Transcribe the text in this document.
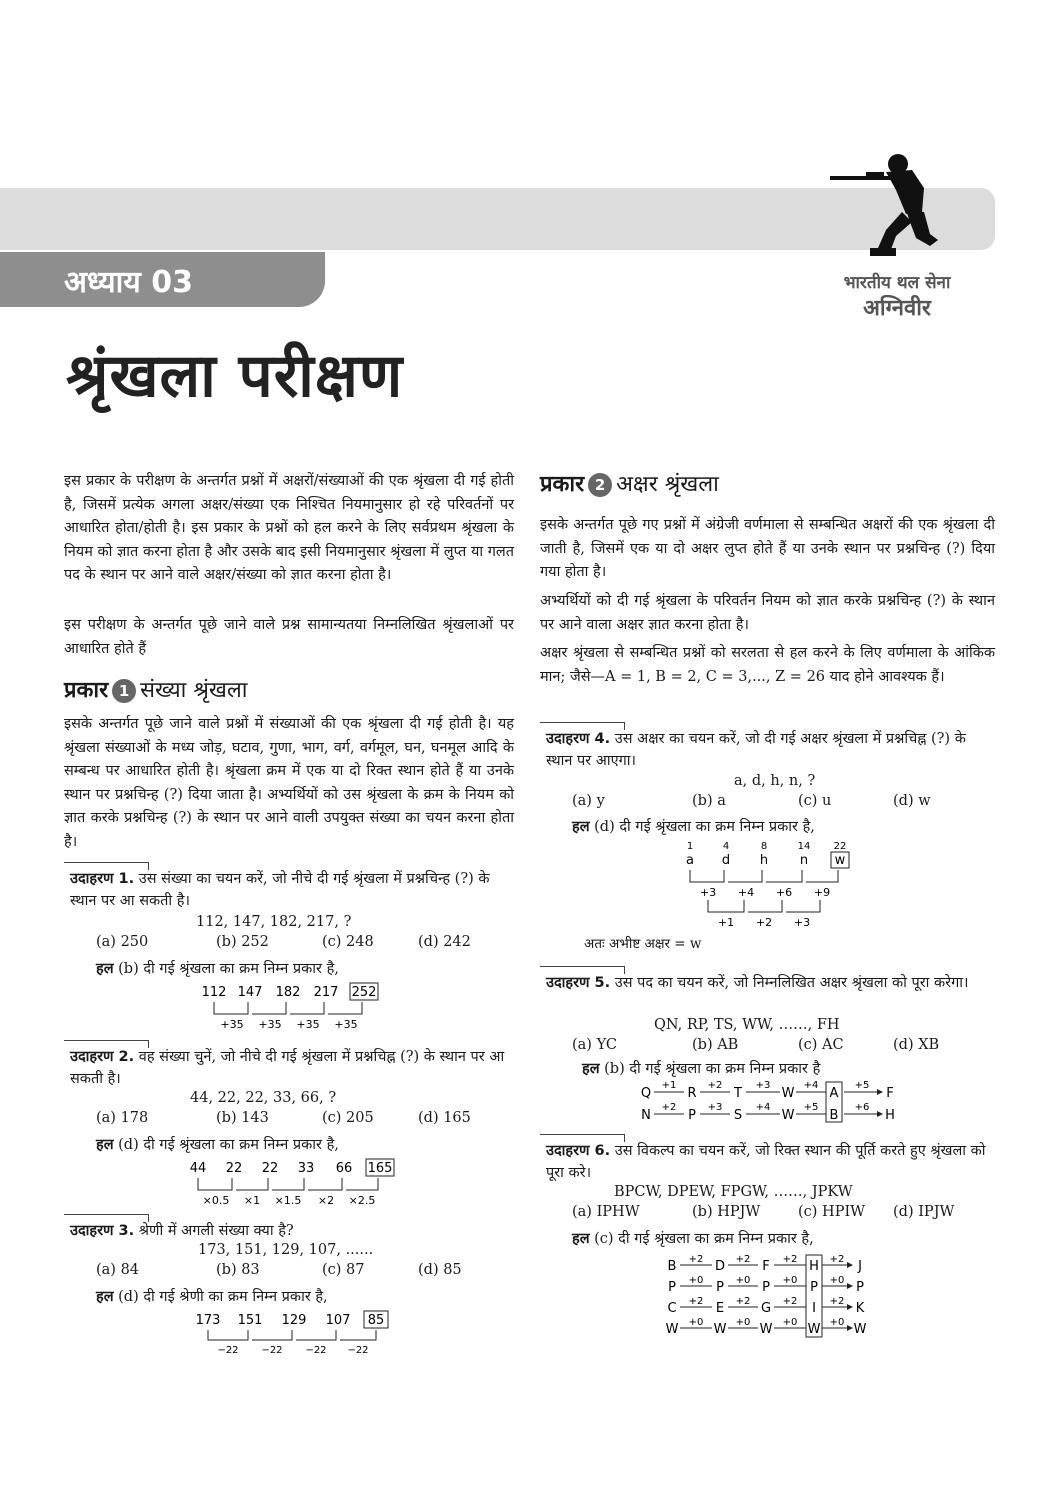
अध्याय 03	भारतीय थल सेना
अग्निवीर
श्रृंखला परीक्षण

इस प्रकार के परीक्षण के अन्तर्गत प्रश्नों में अक्षरों/संख्याओं की एक श्रृंखला दी गई होती है, जिसमें प्रत्येक अगला अक्षर/संख्या एक निश्चित नियमानुसार हो रहे परिवर्तनों पर आधारित होता/होती है। इस प्रकार के प्रश्नों को हल करने के लिए सर्वप्रथम श्रृंखला के नियम को ज्ञात करना होता है और उसके बाद इसी नियमानुसार श्रृंखला में लुप्त या गलत पद के स्थान पर आने वाले अक्षर/संख्या को ज्ञात करना होता है।

इस परीक्षण के अन्तर्गत पूछे जाने वाले प्रश्न सामान्यतया निम्नलिखित श्रृंखलाओं पर आधारित होते हैं

प्रकार 1 संख्या श्रृंखला

इसके अन्तर्गत पूछे जाने वाले प्रश्नों में संख्याओं की एक श्रृंखला दी गई होती है। यह श्रृंखला संख्याओं के मध्य जोड़, घटाव, गुणा, भाग, वर्ग, वर्गमूल, घन, घनमूल आदि के सम्बन्ध पर आधारित होती है। श्रृंखला क्रम में एक या दो रिक्त स्थान होते हैं या उनके स्थान पर प्रश्नचिन्ह (?) दिया जाता है। अभ्यर्थियों को उस श्रृंखला के क्रम के नियम को ज्ञात करके प्रश्नचिन्ह (?) के स्थान पर आने वाली उपयुक्त संख्या का चयन करना होता है।

उदाहरण 1. उस संख्या का चयन करें, जो नीचे दी गई श्रृंखला में प्रश्नचिन्ह (?) के स्थान पर आ सकती है।
112, 147, 182, 217, ?
(a) 250	(b) 252	(c) 248	(d) 242
हल (b) दी गई श्रृंखला का क्रम निम्न प्रकार है,
112 147 182 217 252
+35 +35 +35 +35
उदाहरण 2. वह संख्या चुनें, जो नीचे दी गई श्रृंखला में प्रश्नचिह्न (?) के स्थान पर आ सकती है।
44, 22, 22, 33, 66, ?
(a) 178	(b) 143	(c) 205	(d) 165
हल (d) दी गई श्रृंखला का क्रम निम्न प्रकार है,
44 22 22 33 66 165
×0.5 ×1 ×1.5 ×2 ×2.5
उदाहरण 3. श्रेणी में अगली संख्या क्या है?
173, 151, 129, 107, ......
(a) 84	(b) 83	(c) 87	(d) 85
हल (d) दी गई श्रेणी का क्रम निम्न प्रकार है,
173 151 129 107 85
−22 −22 −22 −22
प्रकार 2 अक्षर श्रृंखला

इसके अन्तर्गत पूछे गए प्रश्नों में अंग्रेजी वर्णमाला से सम्बन्धित अक्षरों की एक श्रृंखला दी जाती है, जिसमें एक या दो अक्षर लुप्त होते हैं या उनके स्थान पर प्रश्नचिन्ह (?) दिया गया होता है।

अभ्यर्थियों को दी गई श्रृंखला के परिवर्तन नियम को ज्ञात करके प्रश्नचिन्ह (?) के स्थान पर आने वाला अक्षर ज्ञात करना होता है।

अक्षर श्रृंखला से सम्बन्धित प्रश्नों को सरलता से हल करने के लिए वर्णमाला के आंकिक मान; जैसे—A = 1, B = 2, C = 3,..., Z = 26 याद होने आवश्यक हैं।

उदाहरण 4. उस अक्षर का चयन करें, जो दी गई अक्षर श्रृंखला में प्रश्नचिह्न (?) के स्थान पर आएगा।
a, d, h, n, ?
(a) y	(b) a	(c) u	(d) w
हल (d) दी गई श्रृंखला का क्रम निम्न प्रकार है,
1	4	8	14 22
a d h n w
+3 +4 +6 +9
+1 +2 +3
अतः अभीष्ट अक्षर = w
उदाहरण 5. उस पद का चयन करें, जो निम्नलिखित अक्षर श्रृंखला को पूरा करेगा।
QN, RP, TS, WW, ……, FH
(a) YC	(b) AB	(c) AC	(d) XB
हल (b) दी गई श्रृंखला का क्रम निम्न प्रकार है
Q	R	T	W	A	F
+1	+2	+3	+4	+5
N	P	S	W	B	H
+2	+3	+4	+5	+6
उदाहरण 6. उस विकल्प का चयन करें, जो रिक्त स्थान की पूर्ति करते हुए श्रृंखला को पूरा करे।
BPCW, DPEW, FPGW, ……, JPKW
(a) IPHW	(b) HPJW	(c) HPIW (d) IPJW
हल (c) दी गई श्रृंखला का क्रम निम्न प्रकार है,
B	D	F	H	J
+2	+2	+2	+2
P	P	P	P	P
+0	+0	+0	+0
C	E	G	I	K
+2	+2	+2	+2
W	W	W	W	W
+0	+0	+0	+0
